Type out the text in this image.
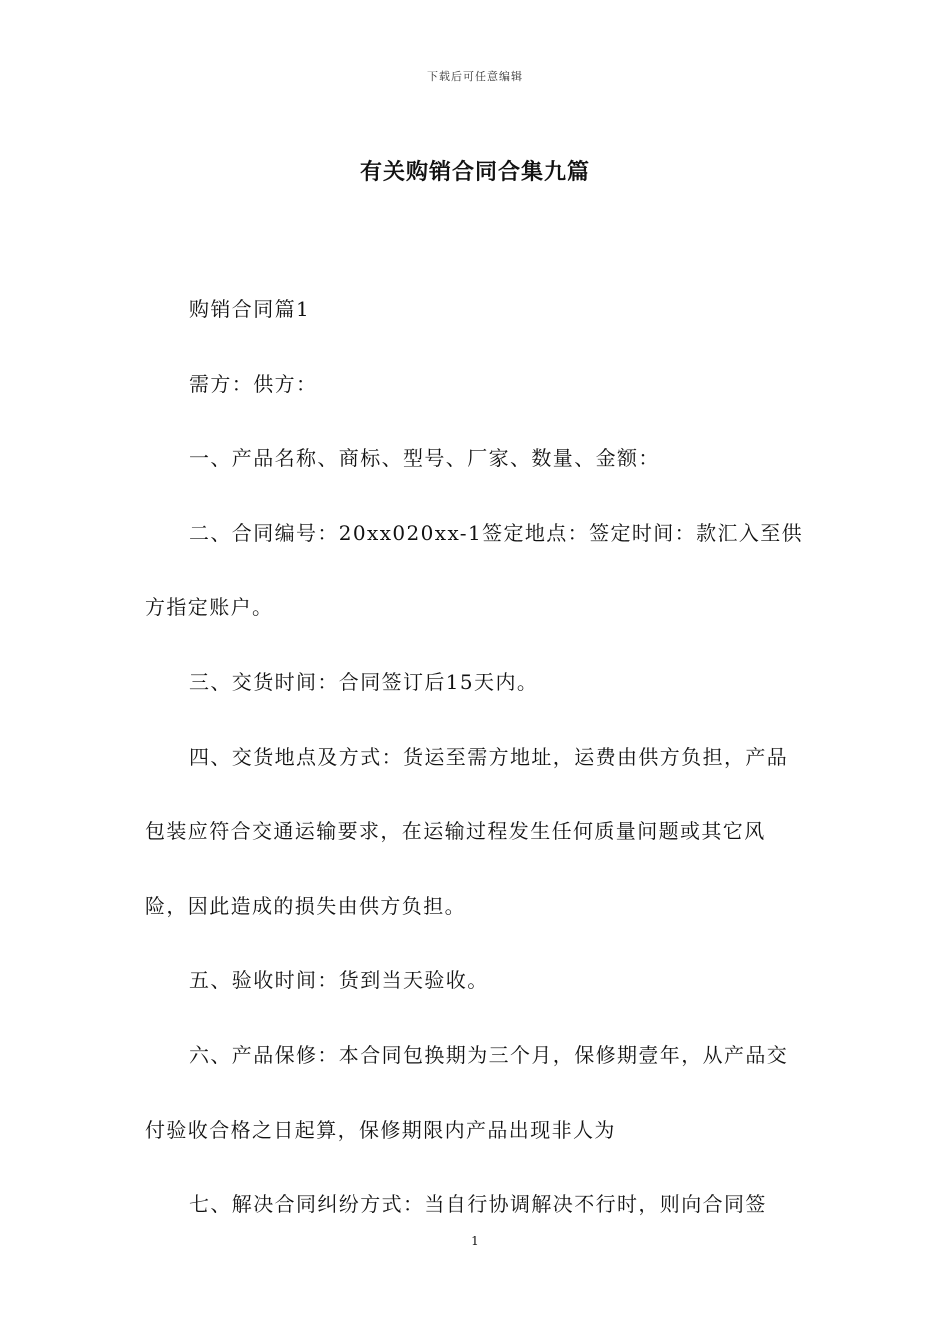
下载后可任意编辑
有关购销合同合集九篇

购销合同篇1

需方：供方：

一、产品名称、商标、型号、厂家、数量、金额：

二、合同编号：20xx020xx-1签定地点：签定时间：款汇入至供方指定账户。

三、交货时间：合同签订后15天内。

四、交货地点及方式：货运至需方地址，运费由供方负担，产品包装应符合交通运输要求，在运输过程发生任何质量问题或其它风险，因此造成的损失由供方负担。

五、验收时间：货到当天验收。

六、产品保修：本合同包换期为三个月，保修期壹年，从产品交付验收合格之日起算，保修期限内产品出现非人为

七、解决合同纠纷方式：当自行协调解决不行时，则向合同签

1
